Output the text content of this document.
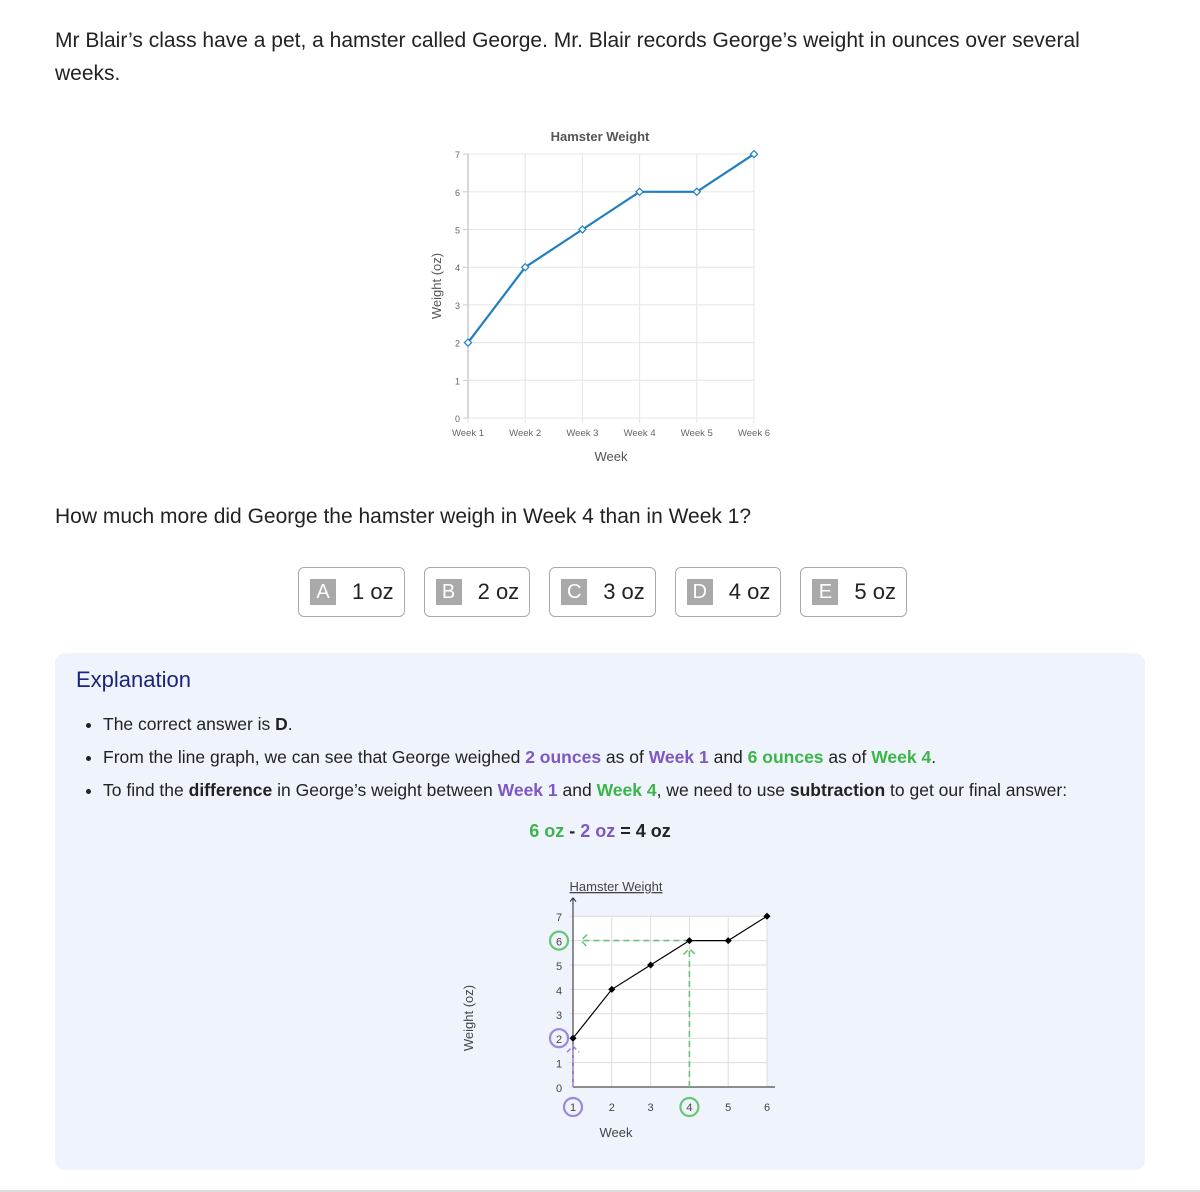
Mr Blair’s class have a pet, a hamster called George. Mr. Blair records George’s weight in ounces over several weeks.
Hamster Weight
Week
Weight (oz)
0
1
2
3
4
5
6
7
Week 1	Week 2	Week 3	Week 4	Week 5	Week 6
How much more did George the hamster weigh in Week 4 than in Week 1?
A 1 oz	B 2 oz C 3 oz D 4 oz	E 5 oz
Explanation
• The correct answer is D.
• From the line graph, we can see that George weighed 2 ounces as of Week 1 and 6 ounces as of Week 4.
• To find the difference in George’s weight between Week 1 and Week 4, we need to use subtraction to get our final answer:
6 oz - 2 oz = 4 oz
Hamster Weight
Week
Weight (oz)
0
1
2
3
4
5
6
7
1	2	3	4	5	6
